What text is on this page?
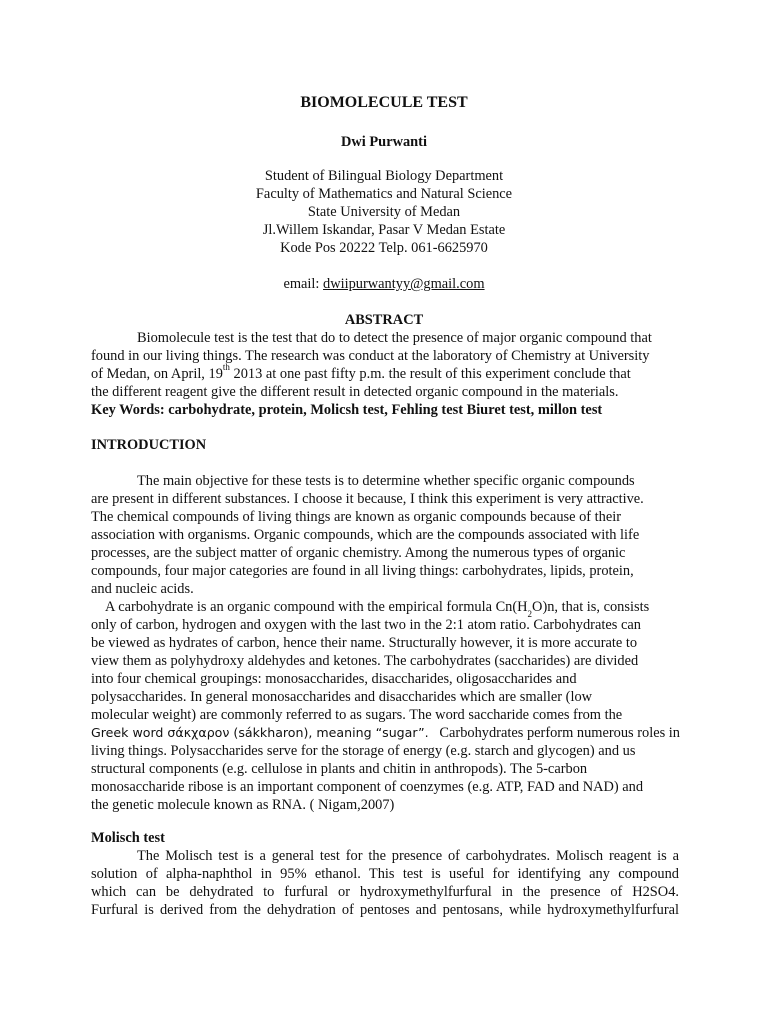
BIOMOLECULE TEST
Dwi Purwanti
Student of Bilingual Biology Department
Faculty of Mathematics and Natural Science
State University of Medan
Jl.Willem Iskandar, Pasar V Medan Estate
Kode Pos 20222 Telp. 061-6625970
email: dwiipurwantyy@gmail.com
ABSTRACT
Biomolecule test is the test that do to detect the presence of major organic compound that
found in our living things. The research was conduct at the laboratory of Chemistry at University
of Medan, on April, 19th 2013 at one past fifty p.m. the result of this experiment conclude that
the different reagent give the different result in detected organic compound in the materials.
Key Words: carbohydrate, protein, Molicsh test, Fehling test Biuret test, millon test
INTRODUCTION
The main objective for these tests is to determine whether specific organic compounds
are present in different substances. I choose it because, I think this experiment is very attractive.
The chemical compounds of living things are known as organic compounds because of their
association with organisms. Organic compounds, which are the compounds associated with life
processes, are the subject matter of organic chemistry. Among the numerous types of organic
compounds, four major categories are found in all living things: carbohydrates, lipids, protein,
and nucleic acids.
A carbohydrate is an organic compound with the empirical formula $Cn(H_2O)n$, that is, consists
only of carbon, hydrogen and oxygen with the last two in the 2:1 atom ratio. Carbohydrates can
be viewed as hydrates of carbon, hence their name. Structurally however, it is more accurate to
view them as polyhydroxy aldehydes and ketones. The carbohydrates (saccharides) are divided
into four chemical groupings: monosaccharides, disaccharides, oligosaccharides and
polysaccharides. In general monosaccharides and disaccharides which are smaller (low
molecular weight) are commonly referred to as sugars. The word saccharide comes from the
Greek word σάκχαρον (sákkharon), meaning “sugar”. Carbohydrates perform numerous roles in
living things. Polysaccharides serve for the storage of energy (e.g. starch and glycogen) and us
structural components (e.g. cellulose in plants and chitin in anthropods). The 5-carbon
monosaccharide ribose is an important component of coenzymes (e.g. ATP, FAD and NAD) and
the genetic molecule known as RNA. ( Nigam,2007)
Molisch test
The Molisch test is a general test for the presence of carbohydrates. Molisch reagent is a
solution of alpha-naphthol in 95% ethanol. This test is useful for identifying any compound
which can be dehydrated to furfural or hydroxymethylfurfural in the presence of H2SO4.
Furfural is derived from the dehydration of pentoses and pentosans, while hydroxymethylfurfural
